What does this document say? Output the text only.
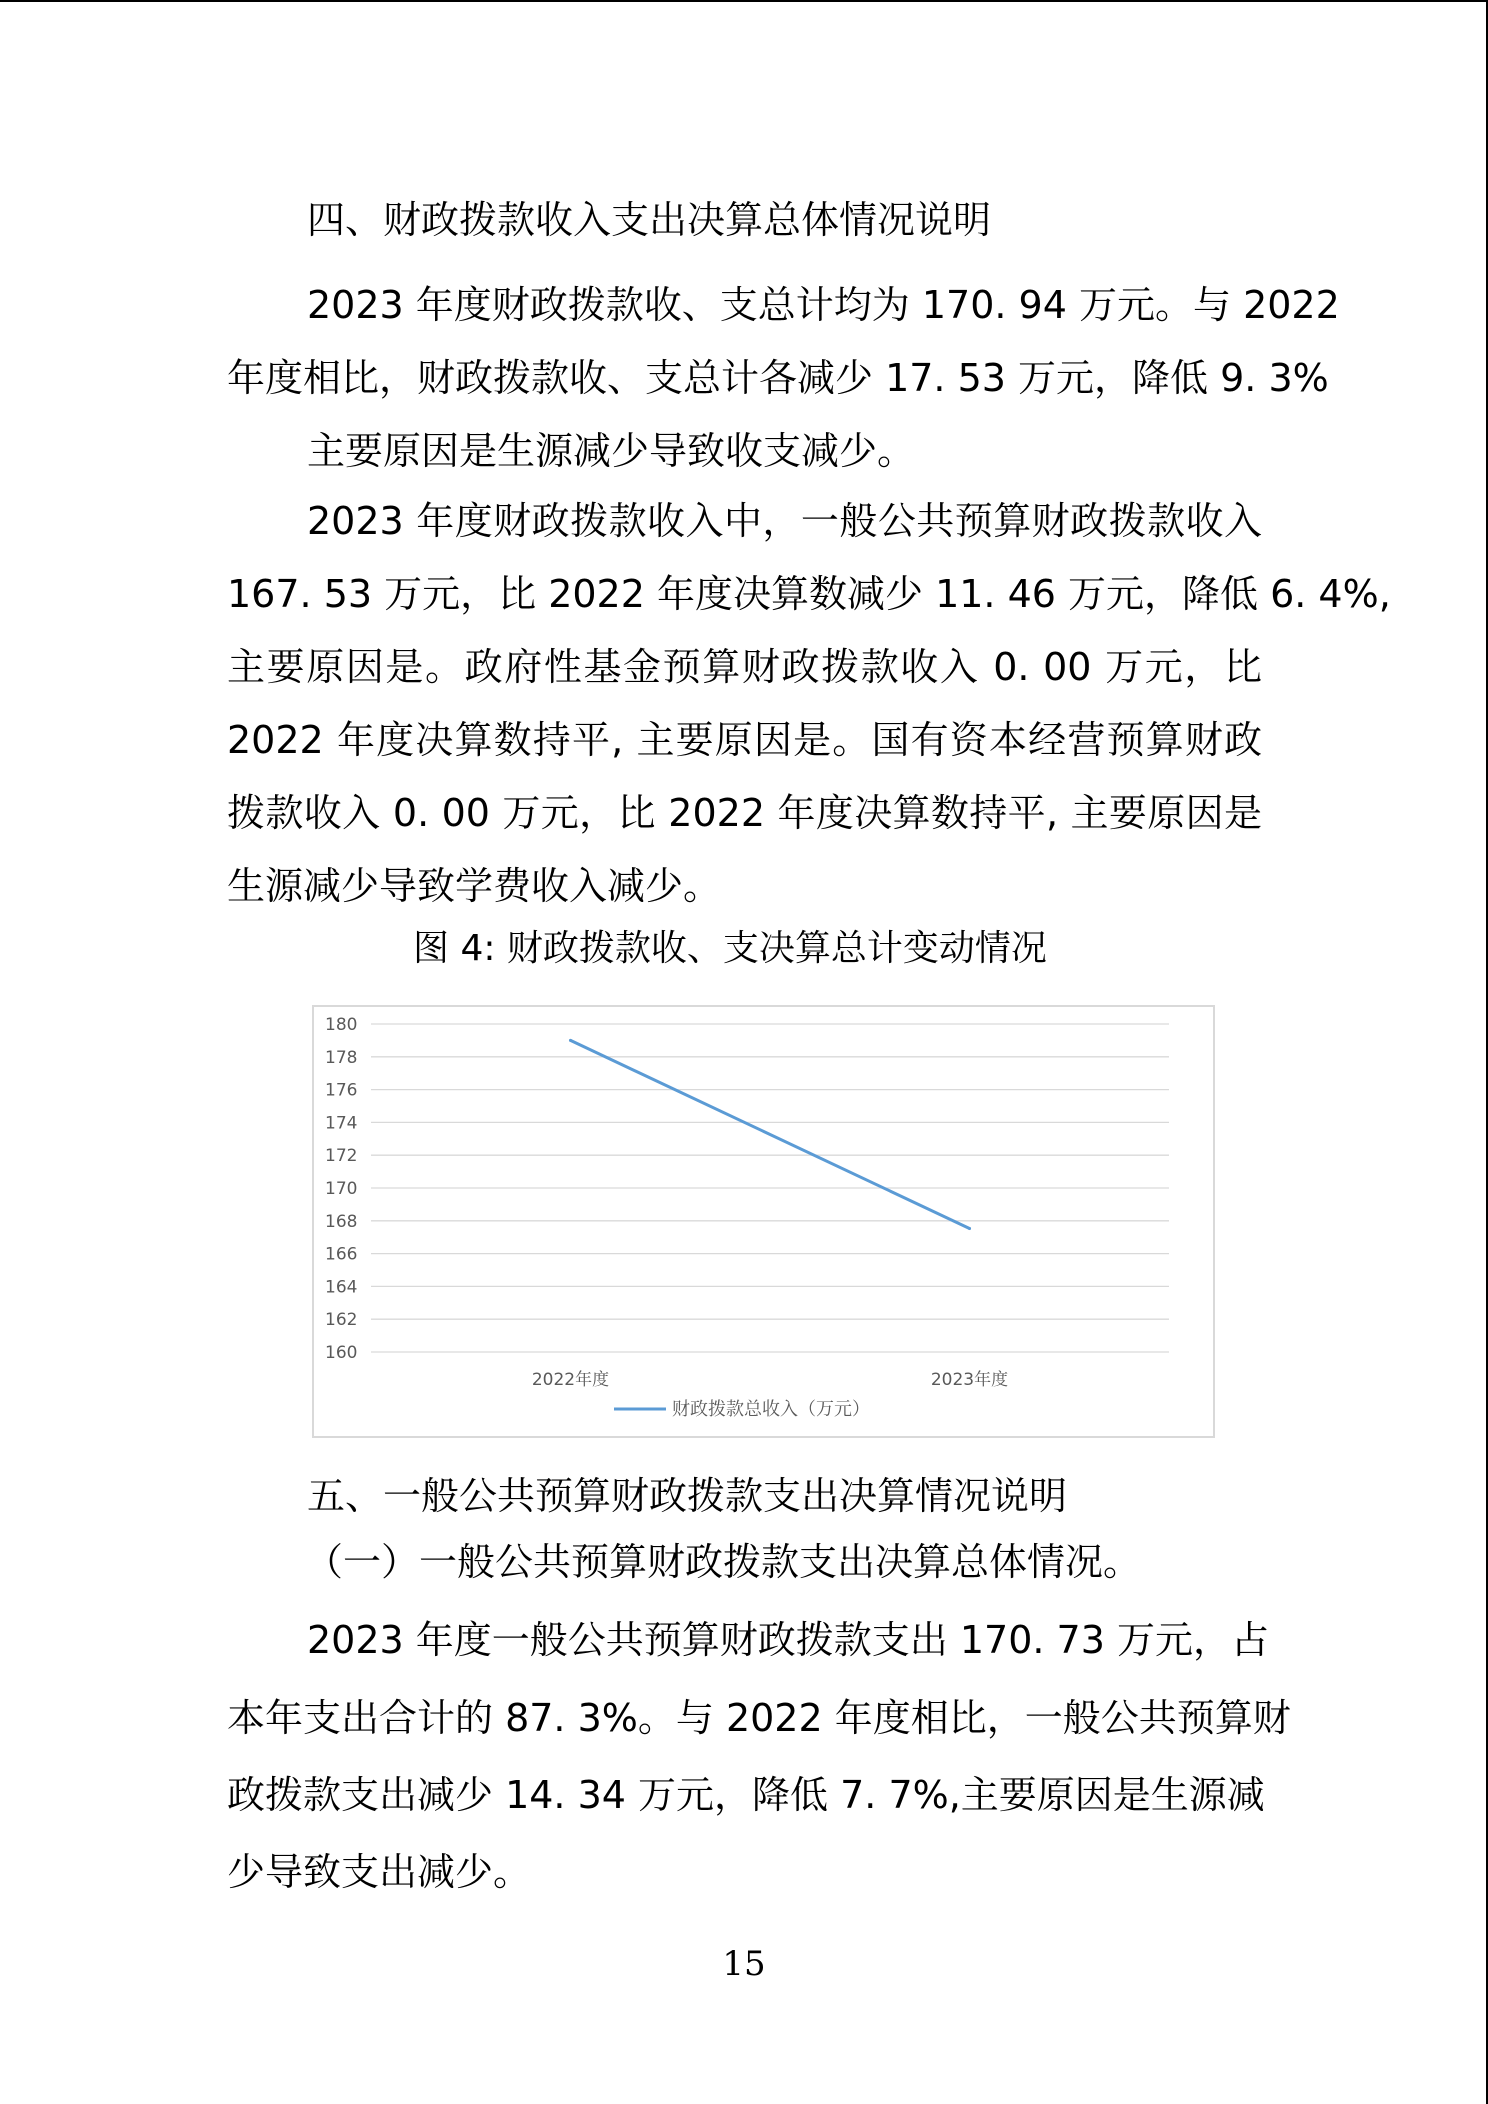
四、财政拨款收入支出决算总体情况说明

2023 年度财政拨款收、支总计均为 170. 94 万元。与 2022

年度相比，财政拨款收、支总计各减少 17. 53 万元，降低 9. 3%

主要原因是生源减少导致收支减少。

2023 年度财政拨款收入中，一般公共预算财政拨款收入

167. 53 万元，比 2022 年度决算数减少 11. 46 万元，降低 6. 4%,

主要原因是。政府性基金预算财政拨款收入 0. 00 万元，比

2022 年度决算数持平, 主要原因是。国有资本经营预算财政

拨款收入 0. 00 万元，比 2022 年度决算数持平, 主要原因是

生源减少导致学费收入减少。

图 4: 财政拨款收、支决算总计变动情况
160
162
164
166
168
170
172
174
176
178
180
2022年度	2023年度
财政拨款总收入（万元）

五、一般公共预算财政拨款支出决算情况说明

（一）一般公共预算财政拨款支出决算总体情况。

2023 年度一般公共预算财政拨款支出 170. 73 万元，占

本年支出合计的 87. 3%。与 2022 年度相比，一般公共预算财

政拨款支出减少 14. 34 万元，降低 7. 7%,主要原因是生源减

少导致支出减少。

15
